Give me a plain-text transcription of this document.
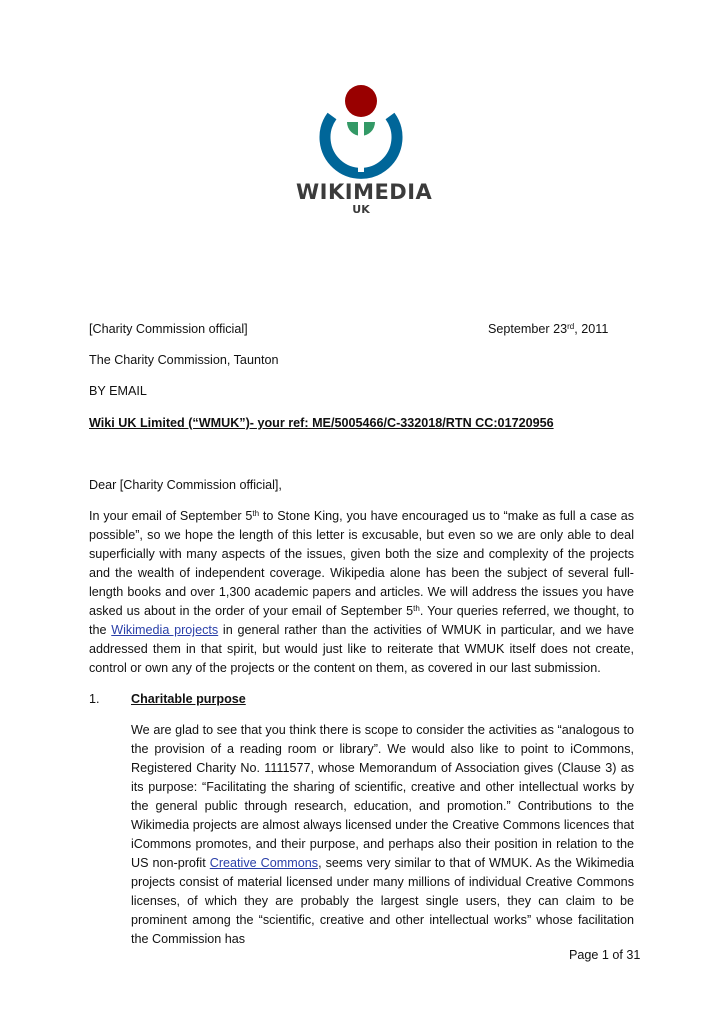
WIKIMEDIA
UK
[Charity Commission official]	September 23rd, 2011
The Charity Commission, Taunton
BY EMAIL
Wiki UK Limited (“WMUK”)- your ref: ME/5005466/C-332018/RTN CC:01720956
Dear [Charity Commission official],
In your email of September 5th to Stone King, you have encouraged us to “make as full a case as possible”, so we hope the length of this letter is excusable, but even so we are only able to deal superficially with many aspects of the issues, given both the size and complexity of the projects and the wealth of independent coverage. Wikipedia alone has been the subject of several full-length books and over 1,300 academic papers and articles. We will address the issues you have asked us about in the order of your email of September 5th. Your queries referred, we thought, to the Wikimedia projects in general rather than the activities of WMUK in particular, and we have addressed them in that spirit, but would just like to reiterate that WMUK itself does not create, control or own any of the projects or the content on them, as covered in our last submission.
1. Charitable purpose
We are glad to see that you think there is scope to consider the activities as “analogous to the provision of a reading room or library”. We would also like to point to iCommons, Registered Charity No. 1111577, whose Memorandum of Association gives (Clause 3) as its purpose: “Facilitating the sharing of scientific, creative and other intellectual works by the general public through research, education, and promotion.” Contributions to the Wikimedia projects are almost always licensed under the Creative Commons licences that iCommons promotes, and their purpose, and perhaps also their position in relation to the US non-profit Creative Commons, seems very similar to that of WMUK. As the Wikimedia projects consist of material licensed under many millions of individual Creative Commons licenses, of which they are probably the largest single users, they can claim to be prominent among the “scientific, creative and other intellectual works” whose facilitation the Commission has
Page 1 of 31
